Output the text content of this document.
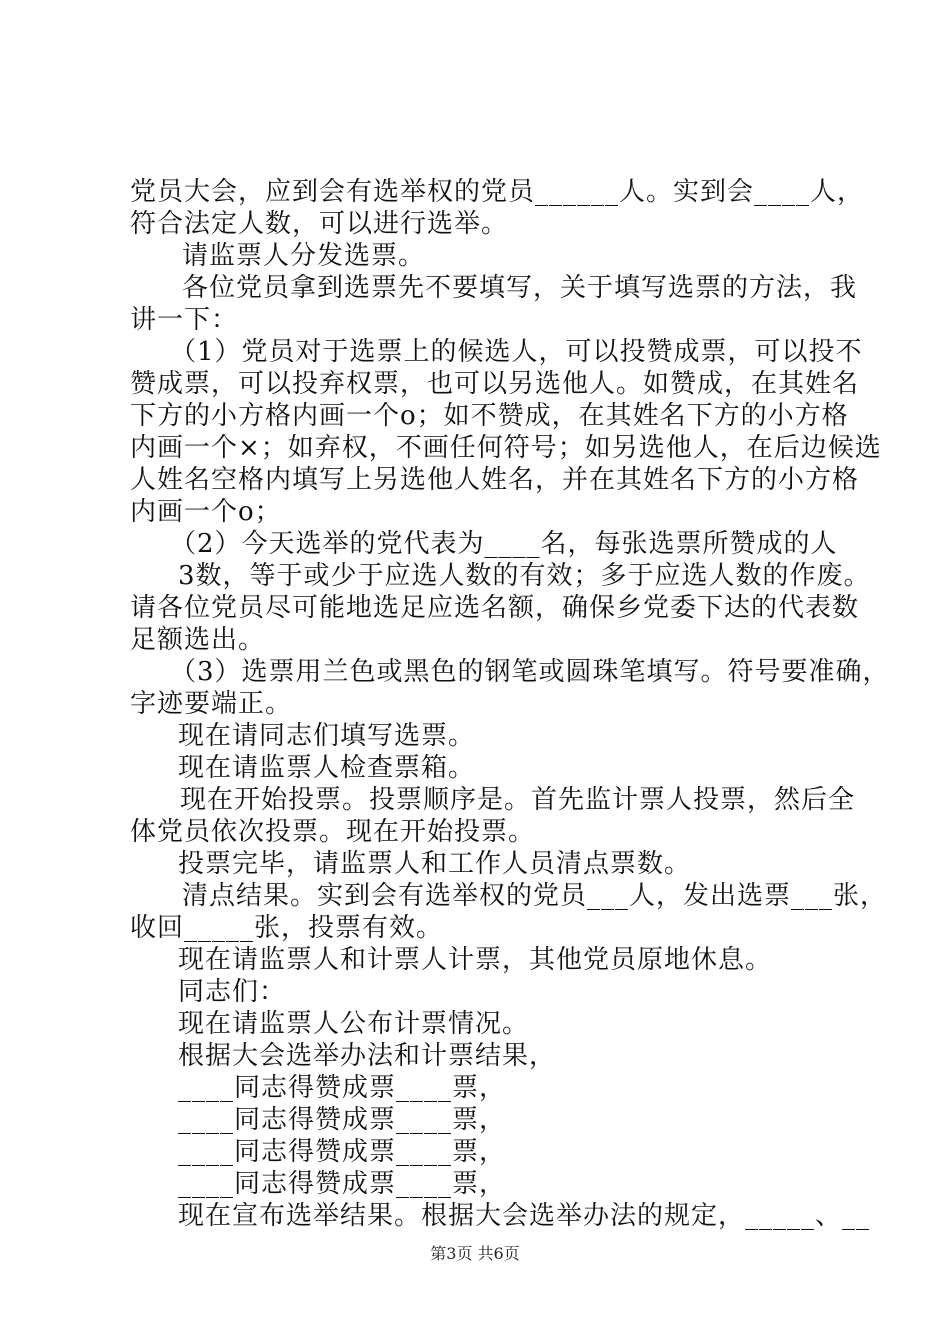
党员大会，应到会有选举权的党员______人。实到会____人，
符合法定人数，可以进行选举。
请监票人分发选票。
各位党员拿到选票先不要填写，关于填写选票的方法，我
讲一下：
（1）党员对于选票上的候选人，可以投赞成票，可以投不
赞成票，可以投弃权票，也可以另选他人。如赞成，在其姓名
下方的小方格内画一个o；如不赞成，在其姓名下方的小方格
内画一个×；如弃权，不画任何符号；如另选他人，在后边候选
人姓名空格内填写上另选他人姓名，并在其姓名下方的小方格
内画一个o；
（2）今天选举的党代表为____名，每张选票所赞成的人
3数，等于或少于应选人数的有效；多于应选人数的作废。
请各位党员尽可能地选足应选名额，确保乡党委下达的代表数
足额选出。
（3）选票用兰色或黑色的钢笔或圆珠笔填写。符号要准确，
字迹要端正。
现在请同志们填写选票。
现在请监票人检查票箱。
现在开始投票。投票顺序是。首先监计票人投票，然后全
体党员依次投票。现在开始投票。
投票完毕，请监票人和工作人员清点票数。
清点结果。实到会有选举权的党员___人，发出选票___张，
收回_____张，投票有效。
现在请监票人和计票人计票，其他党员原地休息。
同志们：
现在请监票人公布计票情况。
根据大会选举办法和计票结果，
____同志得赞成票____票，
____同志得赞成票____票，
____同志得赞成票____票，
____同志得赞成票____票，
现在宣布选举结果。根据大会选举办法的规定，_____、__
第3页 共6页
